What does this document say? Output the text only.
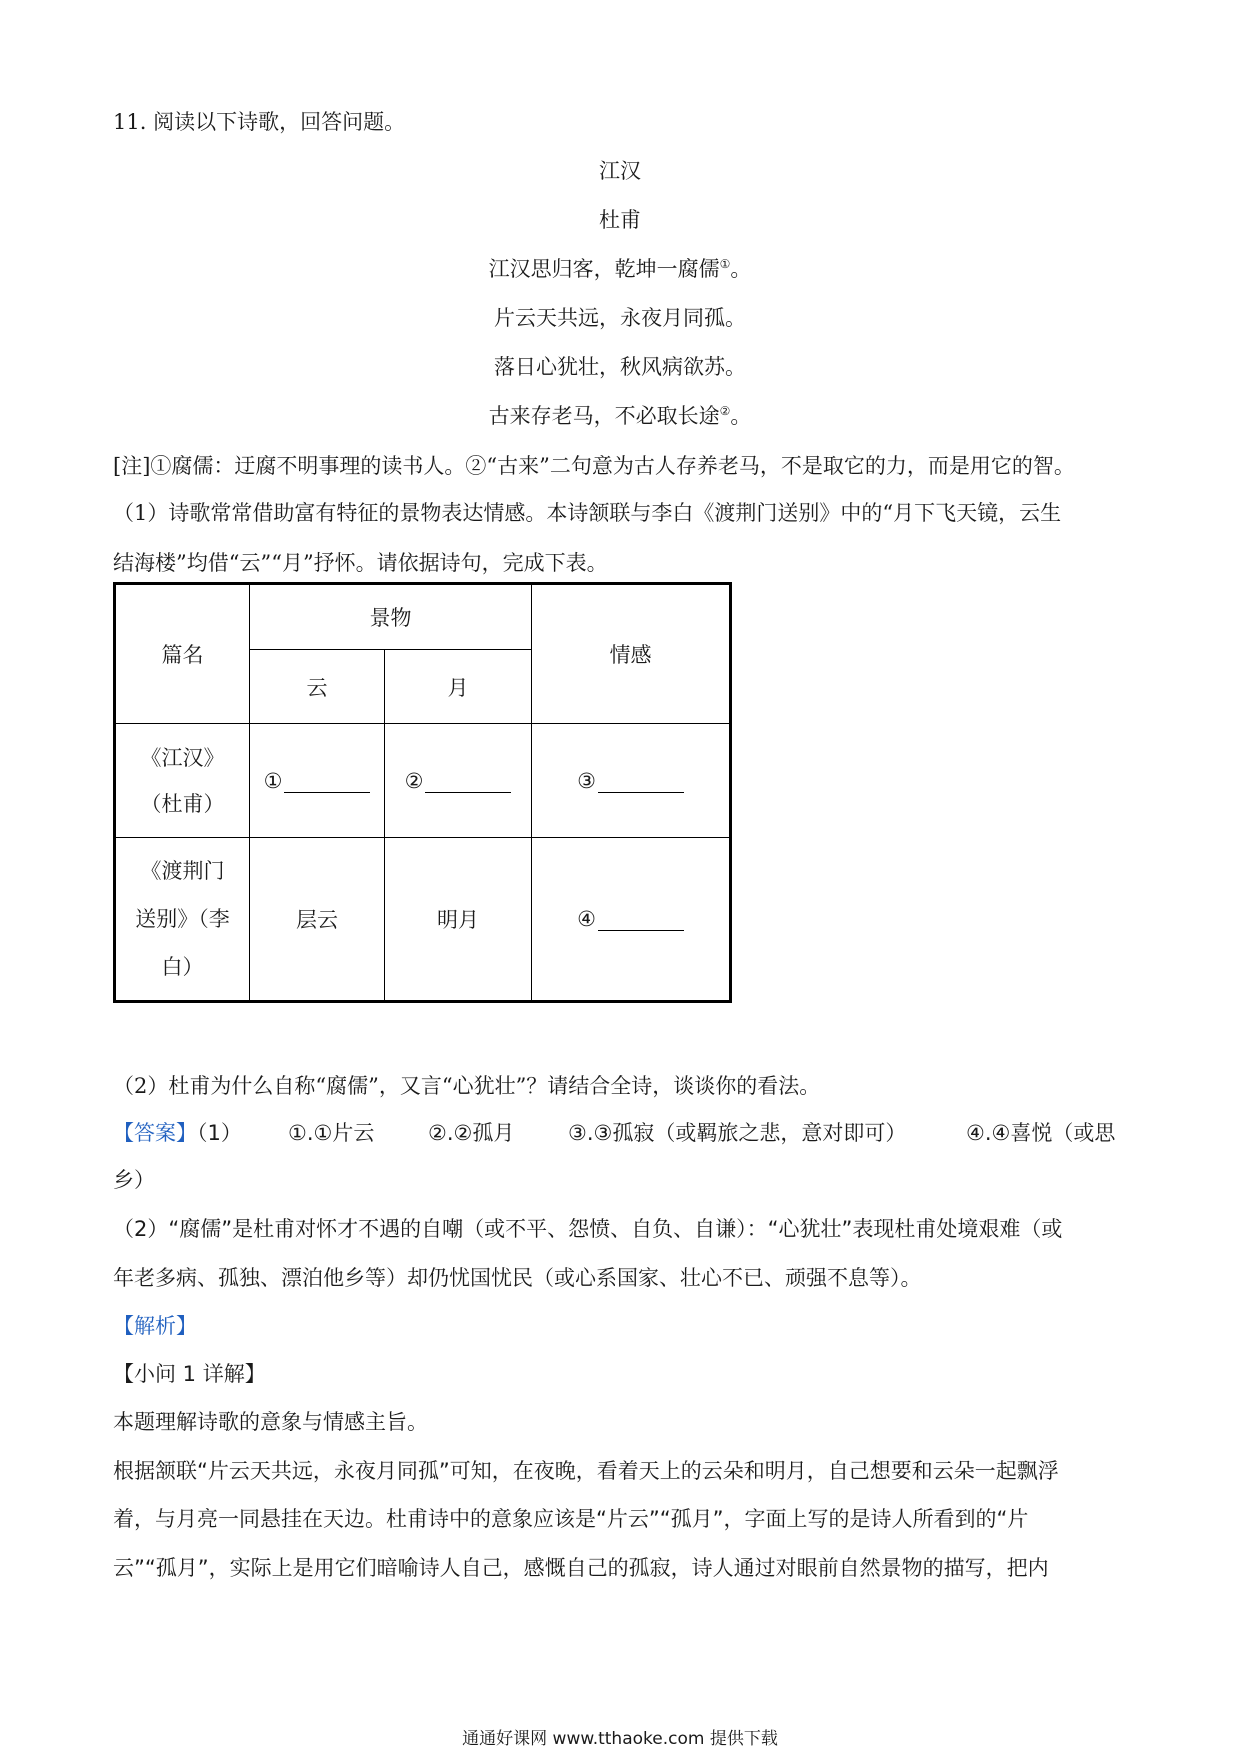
11. 阅读以下诗歌，回答问题。
江汉
杜甫
江汉思归客，乾坤一腐儒①。
片云天共远，永夜月同孤。
落日心犹壮，秋风病欲苏。
古来存老马，不必取长途②。
[注]①腐儒：迂腐不明事理的读书人。②“古来”二句意为古人存养老马，不是取它的力，而是用它的智。
（1）诗歌常常借助富有特征的景物表达情感。本诗颔联与李白《渡荆门送别》中的“月下飞天镜，云生
结海楼”均借“云”“月”抒怀。请依据诗句，完成下表。
篇名	景物		情感
	云	月	

《江汉》
（杜甫）	①	②	③

《渡荆门
送别》（李
白）	层云	明月	④
（2）杜甫为什么自称“腐儒”，又言“心犹壮”？请结合全诗，谈谈你的看法。
【答案】（1） ①.①片云	②.②孤月	③.③孤寂（或羁旅之悲，意对即可）	④.④喜悦（或思
乡）
（2）“腐儒”是杜甫对怀才不遇的自嘲（或不平、怨愤、自负、自谦）：“心犹壮”表现杜甫处境艰难（或
年老多病、孤独、漂泊他乡等）却仍忧国忧民（或心系国家、壮心不已、顽强不息等）。
【解析】
【小问 1 详解】
本题理解诗歌的意象与情感主旨。
根据颔联“片云天共远，永夜月同孤”可知，在夜晚，看着天上的云朵和明月，自己想要和云朵一起飘浮
着，与月亮一同悬挂在天边。杜甫诗中的意象应该是“片云”“孤月”，字面上写的是诗人所看到的“片
云”“孤月”，实际上是用它们暗喻诗人自己，感慨自己的孤寂，诗人通过对眼前自然景物的描写，把内
通通好课网 www.tthaoke.com 提供下载
